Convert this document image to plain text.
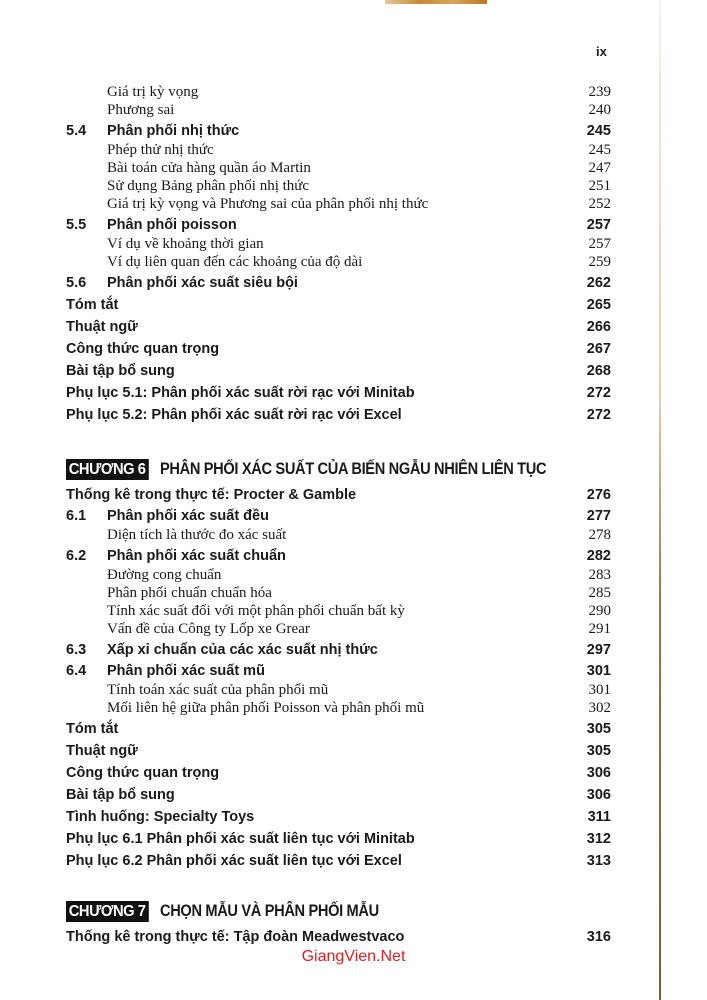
ix
CHƯƠNG 6 PHÂN PHỐI XÁC SUẤT CỦA BIẾN NGẪU NHIÊN LIÊN TỤC
CHƯƠNG 7 CHỌN MẪU VÀ PHÂN PHỐI MẪU
Giá trị kỳ vọng	239
Phương sai	240
5.4 Phân phối nhị thức	245
Phép thử nhị thức	245
Bài toán cửa hàng quần áo Martin	247
Sử dụng Bảng phân phối nhị thức	251
Giá trị kỳ vọng và Phương sai của phân phối nhị thức	252
5.5 Phân phối poisson	257
Ví dụ về khoảng thời gian	257
Ví dụ liên quan đến các khoảng của độ dài	259
5.6 Phân phối xác suất siêu bội	262
Tóm tắt	265
Thuật ngữ	266
Công thức quan trọng	267
Bài tập bổ sung	268
Phụ lục 5.1: Phân phối xác suất rời rạc với Minitab	272
Phụ lục 5.2: Phân phối xác suất rời rạc với Excel	272
Thống kê trong thực tế: Procter & Gamble	276
6.1 Phân phối xác suất đều	277
Diện tích là thước đo xác suất	278
6.2 Phân phối xác suất chuẩn	282
Đường cong chuẩn	283
Phân phối chuẩn chuẩn hóa	285
Tính xác suất đối với một phân phối chuẩn bất kỳ	290
Vấn đề của Công ty Lốp xe Grear	291
6.3 Xấp xỉ chuẩn của các xác suất nhị thức	297
6.4 Phân phối xác suất mũ	301
Tính toán xác suất của phân phối mũ	301
Mối liên hệ giữa phân phối Poisson và phân phối mũ	302
Tóm tắt	305
Thuật ngữ	305
Công thức quan trọng	306
Bài tập bổ sung	306
Tình huống: Specialty Toys	311
Phụ lục 6.1 Phân phối xác suất liên tục với Minitab	312
Phụ lục 6.2 Phân phối xác suất liên tục với Excel	313
Thống kê trong thực tế: Tập đoàn Meadwestvaco	316
GiangVien.Net
